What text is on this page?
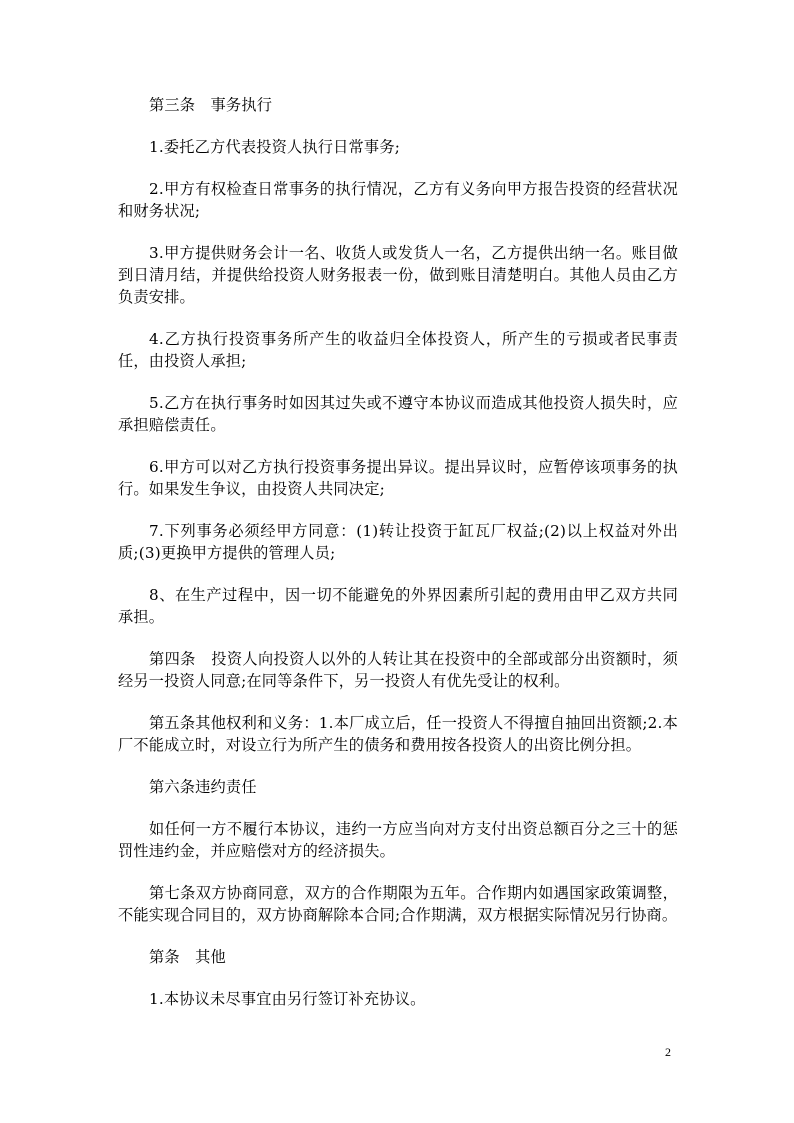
第三条　事务执行

1.委托乙方代表投资人执行日常事务;

2.甲方有权检查日常事务的执行情况，乙方有义务向甲方报告投资的经营状况和财务状况;

3.甲方提供财务会计一名、收货人或发货人一名，乙方提供出纳一名。账目做到日清月结，并提供给投资人财务报表一份，做到账目清楚明白。其他人员由乙方负责安排。

4.乙方执行投资事务所产生的收益归全体投资人，所产生的亏损或者民事责任，由投资人承担;

5.乙方在执行事务时如因其过失或不遵守本协议而造成其他投资人损失时，应承担赔偿责任。

6.甲方可以对乙方执行投资事务提出异议。提出异议时，应暂停该项事务的执行。如果发生争议，由投资人共同决定;

7.下列事务必须经甲方同意：(1)转让投资于缸瓦厂权益;(2)以上权益对外出质;(3)更换甲方提供的管理人员;

8、在生产过程中，因一切不能避免的外界因素所引起的费用由甲乙双方共同承担。

第四条　投资人向投资人以外的人转让其在投资中的全部或部分出资额时，须经另一投资人同意;在同等条件下，另一投资人有优先受让的权利。

第五条其他权利和义务：1.本厂成立后，任一投资人不得擅自抽回出资额;2.本厂不能成立时，对设立行为所产生的债务和费用按各投资人的出资比例分担。

第六条违约责任

如任何一方不履行本协议，违约一方应当向对方支付出资总额百分之三十的惩罚性违约金，并应赔偿对方的经济损失。

第七条双方协商同意，双方的合作期限为五年。合作期内如遇国家政策调整，不能实现合同目的，双方协商解除本合同;合作期满，双方根据实际情况另行协商。

第条　其他

1.本协议未尽事宜由另行签订补充协议。

2
